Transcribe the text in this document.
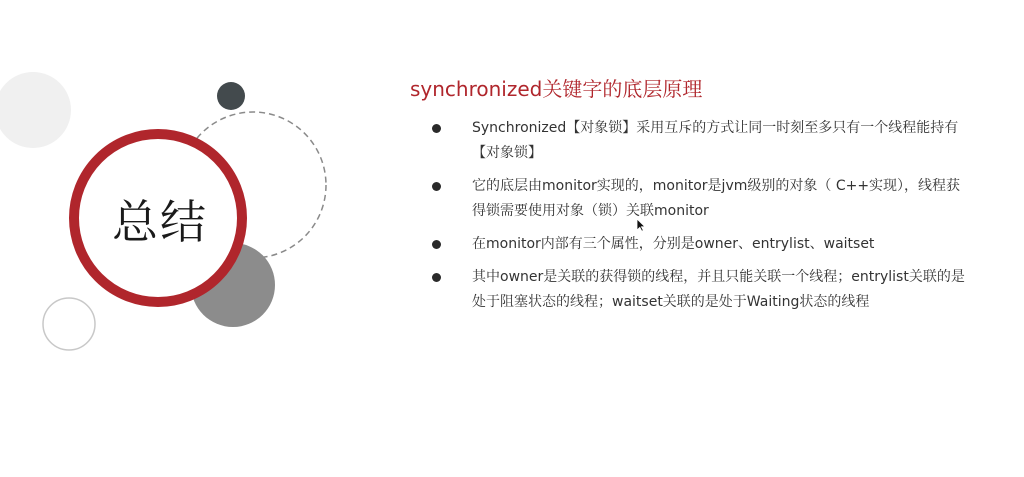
总结
synchronized关键字的底层原理
Synchronized【对象锁】采用互斥的方式让同一时刻至多只有一个线程能持有【对象锁】
它的底层由monitor实现的，monitor是jvm级别的对象（ C++实现），线程获得锁需要使用对象（锁）关联monitor
在monitor内部有三个属性，分别是owner、entrylist、waitset
其中owner是关联的获得锁的线程，并且只能关联一个线程；entrylist关联的是处于阻塞状态的线程；waitset关联的是处于Waiting状态的线程
